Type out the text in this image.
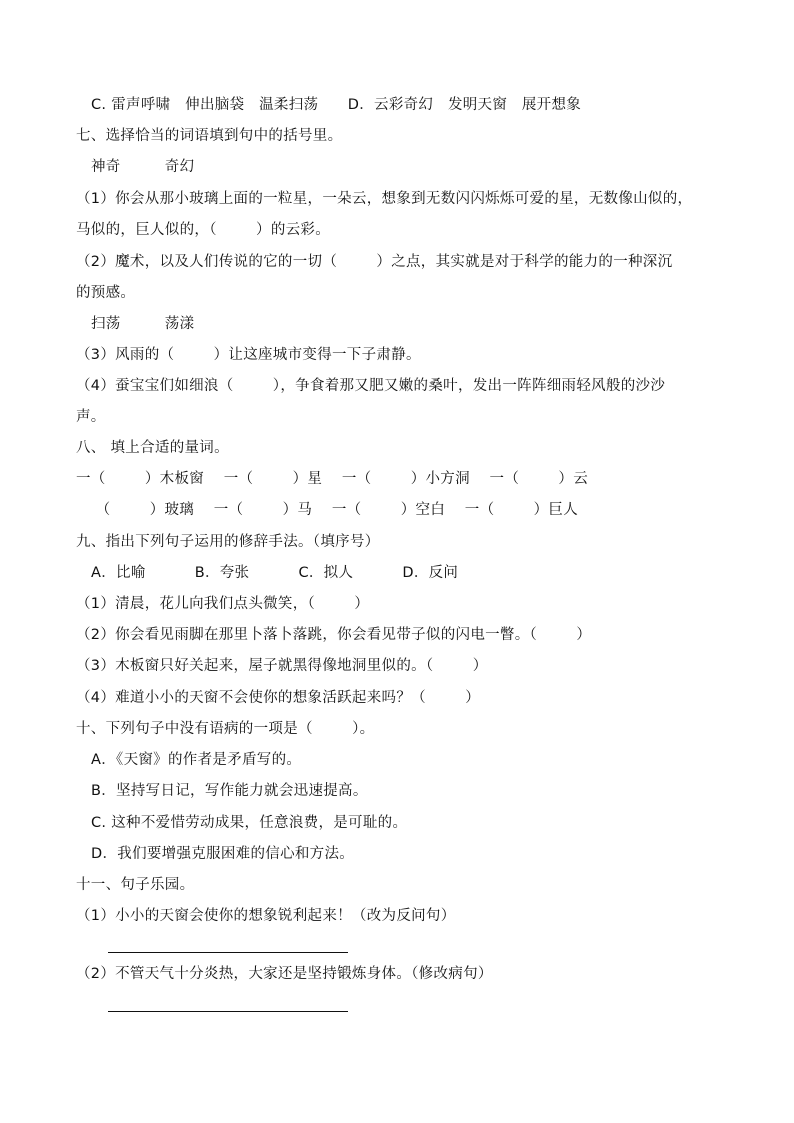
C. 雷声呼啸   伸出脑袋   温柔扫荡      D．云彩奇幻   发明天窗   展开想象
七、选择恰当的词语填到句中的括号里。
神奇         奇幻
（1）你会从那小玻璃上面的一粒星，一朵云，想象到无数闪闪烁烁可爱的星，无数像山似的，
马似的，巨人似的，（        ）的云彩。
（2）魔术，以及人们传说的它的一切（        ）之点，其实就是对于科学的能力的一种深沉
的预感。
扫荡         荡漾
（3）风雨的（        ）让这座城市变得一下子肃静。
（4）蚕宝宝们如细浪（        ），争食着那又肥又嫩的桑叶，发出一阵阵细雨轻风般的沙沙
声。
八、 填上合适的量词。
一（        ）木板窗    一（        ）星    一（        ）小方洞    一（        ）云
（        ）玻璃    一（        ）马    一（        ）空白    一（        ）巨人
九、指出下列句子运用的修辞手法。（填序号）
A．比喻          B．夸张          C．拟人          D．反问
（1）清晨，花儿向我们点头微笑，（        ）
（2）你会看见雨脚在那里卜落卜落跳，你会看见带子似的闪电一瞥。（        ）
（3）木板窗只好关起来，屋子就黑得像地洞里似的。（        ）
（4）难道小小的天窗不会使你的想象活跃起来吗？（        ）
十、下列句子中没有语病的一项是（        ）。
A．《天窗》的作者是矛盾写的。
B．坚持写日记，写作能力就会迅速提高。
C. 这种不爱惜劳动成果，任意浪费，是可耻的。
D．我们要增强克服困难的信心和方法。
十一、句子乐园。
（1）小小的天窗会使你的想象锐利起来！（改为反问句）
（2）不管天气十分炎热，大家还是坚持锻炼身体。（修改病句）
